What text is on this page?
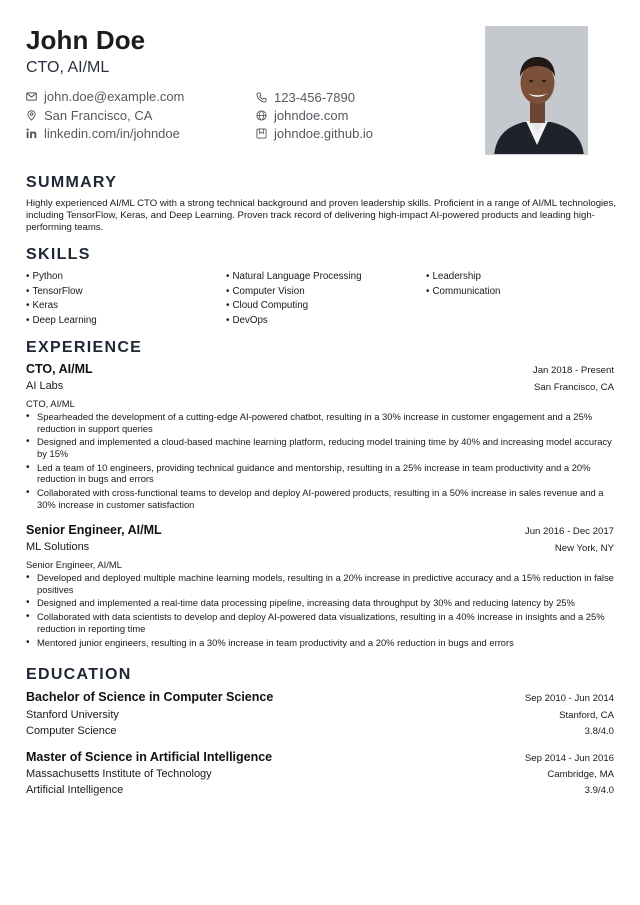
John Doe
CTO, AI/ML
john.doe@example.com	123-456-7890
San Francisco, CA	johndoe.com
linkedin.com/in/johndoe	johndoe.github.io
SUMMARY
Highly experienced AI/ML CTO with a strong technical background and proven leadership skills. Proficient in a range of AI/ML technologies, including TensorFlow, Keras, and Deep Learning. Proven track record of delivering high-impact AI-powered products and leading high-performing teams.
SKILLS
• Python
• TensorFlow
• Keras
• Deep Learning
• Natural Language Processing
• Computer Vision
• Cloud Computing
• DevOps
• Leadership
• Communication
EXPERIENCE
CTO, AI/ML	Jan 2018 - Present
AI Labs	San Francisco, CA
CTO, AI/ML
• Spearheaded the development of a cutting-edge AI-powered chatbot, resulting in a 30% increase in customer engagement and a 25% reduction in support queries
• Designed and implemented a cloud-based machine learning platform, reducing model training time by 40% and increasing model accuracy by 15%
• Led a team of 10 engineers, providing technical guidance and mentorship, resulting in a 25% increase in team productivity and a 20% reduction in bugs and errors
• Collaborated with cross-functional teams to develop and deploy AI-powered products, resulting in a 50% increase in sales revenue and a 30% increase in customer satisfaction
Senior Engineer, AI/ML	Jun 2016 - Dec 2017
ML Solutions	New York, NY
Senior Engineer, AI/ML
• Developed and deployed multiple machine learning models, resulting in a 20% increase in predictive accuracy and a 15% reduction in false positives
• Designed and implemented a real-time data processing pipeline, increasing data throughput by 30% and reducing latency by 25%
• Collaborated with data scientists to develop and deploy AI-powered data visualizations, resulting in a 40% increase in insights and a 25% reduction in reporting time
• Mentored junior engineers, resulting in a 30% increase in team productivity and a 20% reduction in bugs and errors
EDUCATION
Bachelor of Science in Computer Science	Sep 2010 - Jun 2014
Stanford University	Stanford, CA
Computer Science	3.8/4.0
Master of Science in Artificial Intelligence	Sep 2014 - Jun 2016
Massachusetts Institute of Technology	Cambridge, MA
Artificial Intelligence	3.9/4.0
